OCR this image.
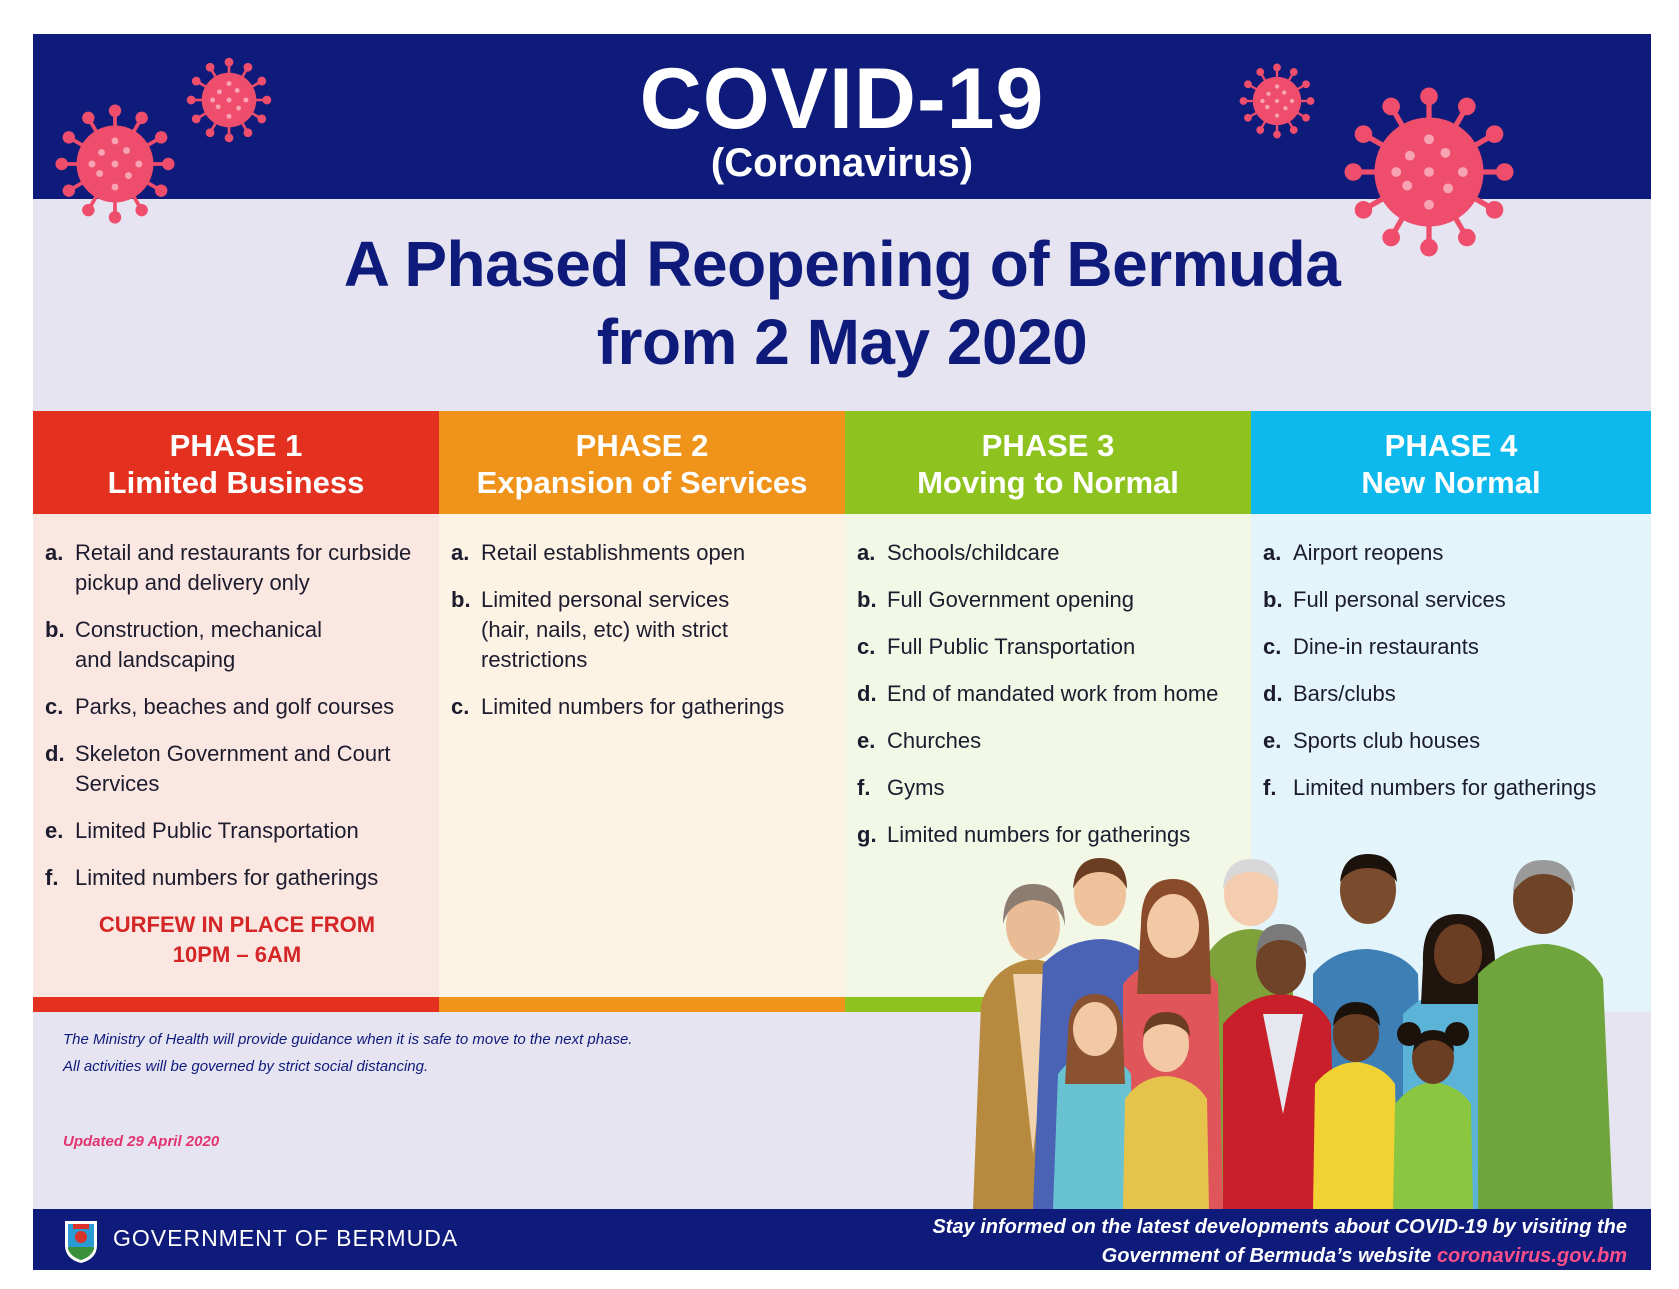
COVID-19
(Coronavirus)
A Phased Reopening of Bermuda
from 2 May 2020
PHASE 1
Limited Business
a. Retail and restaurants for curbside pickup and delivery only
b. Construction, mechanical and landscaping
c. Parks, beaches and golf courses
d. Skeleton Government and Court Services
e. Limited Public Transportation
f. Limited numbers for gatherings
CURFEW IN PLACE FROM
10PM – 6AM
PHASE 2
Expansion of Services
a. Retail establishments open
b. Limited personal services (hair, nails, etc) with strict restrictions
c. Limited numbers for gatherings
PHASE 3
Moving to Normal
a. Schools/childcare
b. Full Government opening
c. Full Public Transportation
d. End of mandated work from home
e. Churches
f. Gyms
g. Limited numbers for gatherings
PHASE 4
New Normal
a. Airport reopens
b. Full personal services
c. Dine-in restaurants
d. Bars/clubs
e. Sports club houses
f. Limited numbers for gatherings
The Ministry of Health will provide guidance when it is safe to move to the next phase.
All activities will be governed by strict social distancing.
Updated 29 April 2020
GOVERNMENT OF BERMUDA	Stay informed on the latest developments about COVID-19 by visiting the
Government of Bermuda’s website coronavirus.gov.bm
